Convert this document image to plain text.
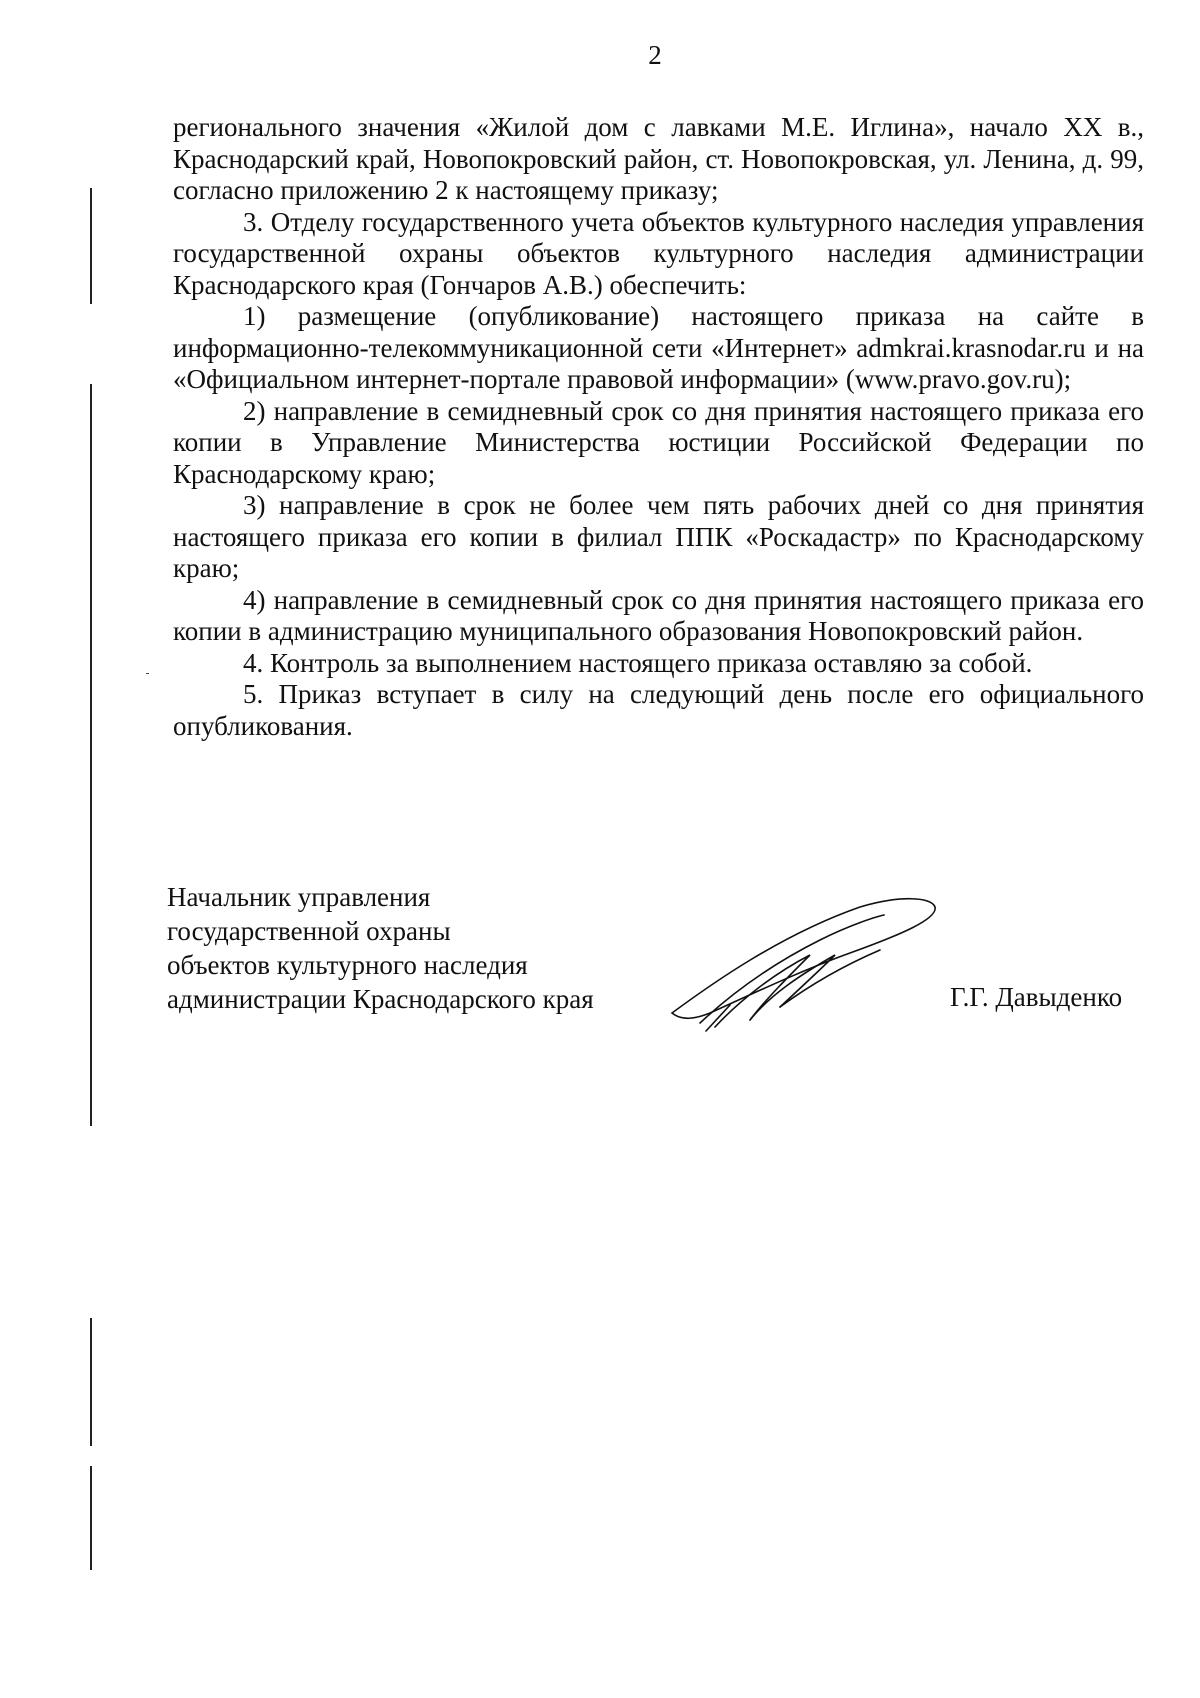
2

регионального значения «Жилой дом с лавками М.Е. Иглина», начало XX в., Краснодарский край, Новопокровский район, ст. Новопокровская, ул. Ленина, д. 99, согласно приложению 2 к настоящему приказу;

3. Отделу государственного учета объектов культурного наследия управления государственной охраны объектов культурного наследия администрации Краснодарского края (Гончаров А.В.) обеспечить:

1) размещение (опубликование) настоящего приказа на сайте в информационно-телекоммуникационной сети «Интернет» admkrai.krasnodar.ru и на «Официальном интернет-портале правовой информации» (www.pravo.gov.ru);

2) направление в семидневный срок со дня принятия настоящего приказа его копии в Управление Министерства юстиции Российской Федерации по Краснодарскому краю;

3) направление в срок не более чем пять рабочих дней со дня принятия настоящего приказа его копии в филиал ППК «Роскадастр» по Краснодарскому краю;

4) направление в семидневный срок со дня принятия настоящего приказа его копии в администрацию муниципального образования Новопокровский район.

4. Контроль за выполнением настоящего приказа оставляю за собой.

5. Приказ вступает в силу на следующий день после его официального опубликования.

Начальник управления
государственной охраны
объектов культурного наследия
администрации Краснодарского края	Г.Г. Давыденко
